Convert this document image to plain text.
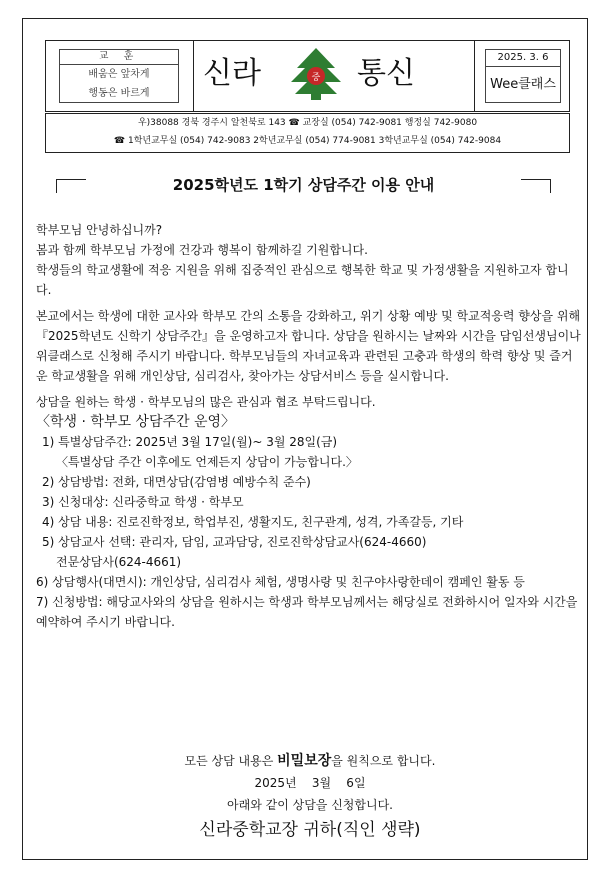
교 훈
배움은 앞차게
행동은 바르게
신라	중 통신	2025. 3. 6
Wee클래스
우)38088 경북 경주시 알천북로 143 ☎ 교장실 (054) 742-9081 행정실 742-9080
☎ 1학년교무실 (054) 742-9083 2학년교무실 (054) 774-9081 3학년교무실 (054) 742-9084
2025학년도 1학기 상담주간 이용 안내

학부모님 안녕하십니까?

봄과 함께 학부모님 가정에 건강과 행복이 함께하길 기원합니다.

학생들의 학교생활에 적응 지원을 위해 집중적인 관심으로 행복한 학교 및 가정생활을 지원하고자 합니다.

본교에서는 학생에 대한 교사와 학부모 간의 소통을 강화하고, 위기 상황 예방 및 학교적응력 향상을 위해『2025학년도 신학기 상담주간』을 운영하고자 합니다. 상담을 원하시는 날짜와 시간을 담임선생님이나 위클래스로 신청해 주시기 바랍니다. 학부모님들의 자녀교육과 관련된 고충과 학생의 학력 향상 및 즐거운 학교생활을 위해 개인상담, 심리검사, 찾아가는 상담서비스 등을 실시합니다.

상담을 원하는 학생 · 학부모님의 많은 관심과 협조 부탁드립니다.

〈학생 · 학부모 상담주간 운영〉

1) 특별상담주간: 2025년 3월 17일(월)~ 3월 28일(금)

〈특별상담 주간 이후에도 언제든지 상담이 가능합니다.〉

2) 상담방법: 전화, 대면상담(감염병 예방수칙 준수)

3) 신청대상: 신라중학교 학생 · 학부모

4) 상담 내용: 진로진학정보, 학업부진, 생활지도, 친구관계, 성격, 가족갈등, 기타

5) 상담교사 선택: 관리자, 담임, 교과담당, 진로진학상담교사(624-4660)

전문상담사(624-4661)

6) 상담행사(대면시): 개인상담, 심리검사 체험, 생명사랑 및 친구야사랑한데이 캠페인 활동 등

7) 신청방법: 해당교사와의 상담을 원하시는 학생과 학부모님께서는 해당실로 전화하시어 일자와 시간을 예약하여 주시기 바랍니다.

모든 상담 내용은 비밀보장을 원칙으로 합니다.
2025년    3월    6일
아래와 같이 상담을 신청합니다.
신라중학교장 귀하(직인 생략)
